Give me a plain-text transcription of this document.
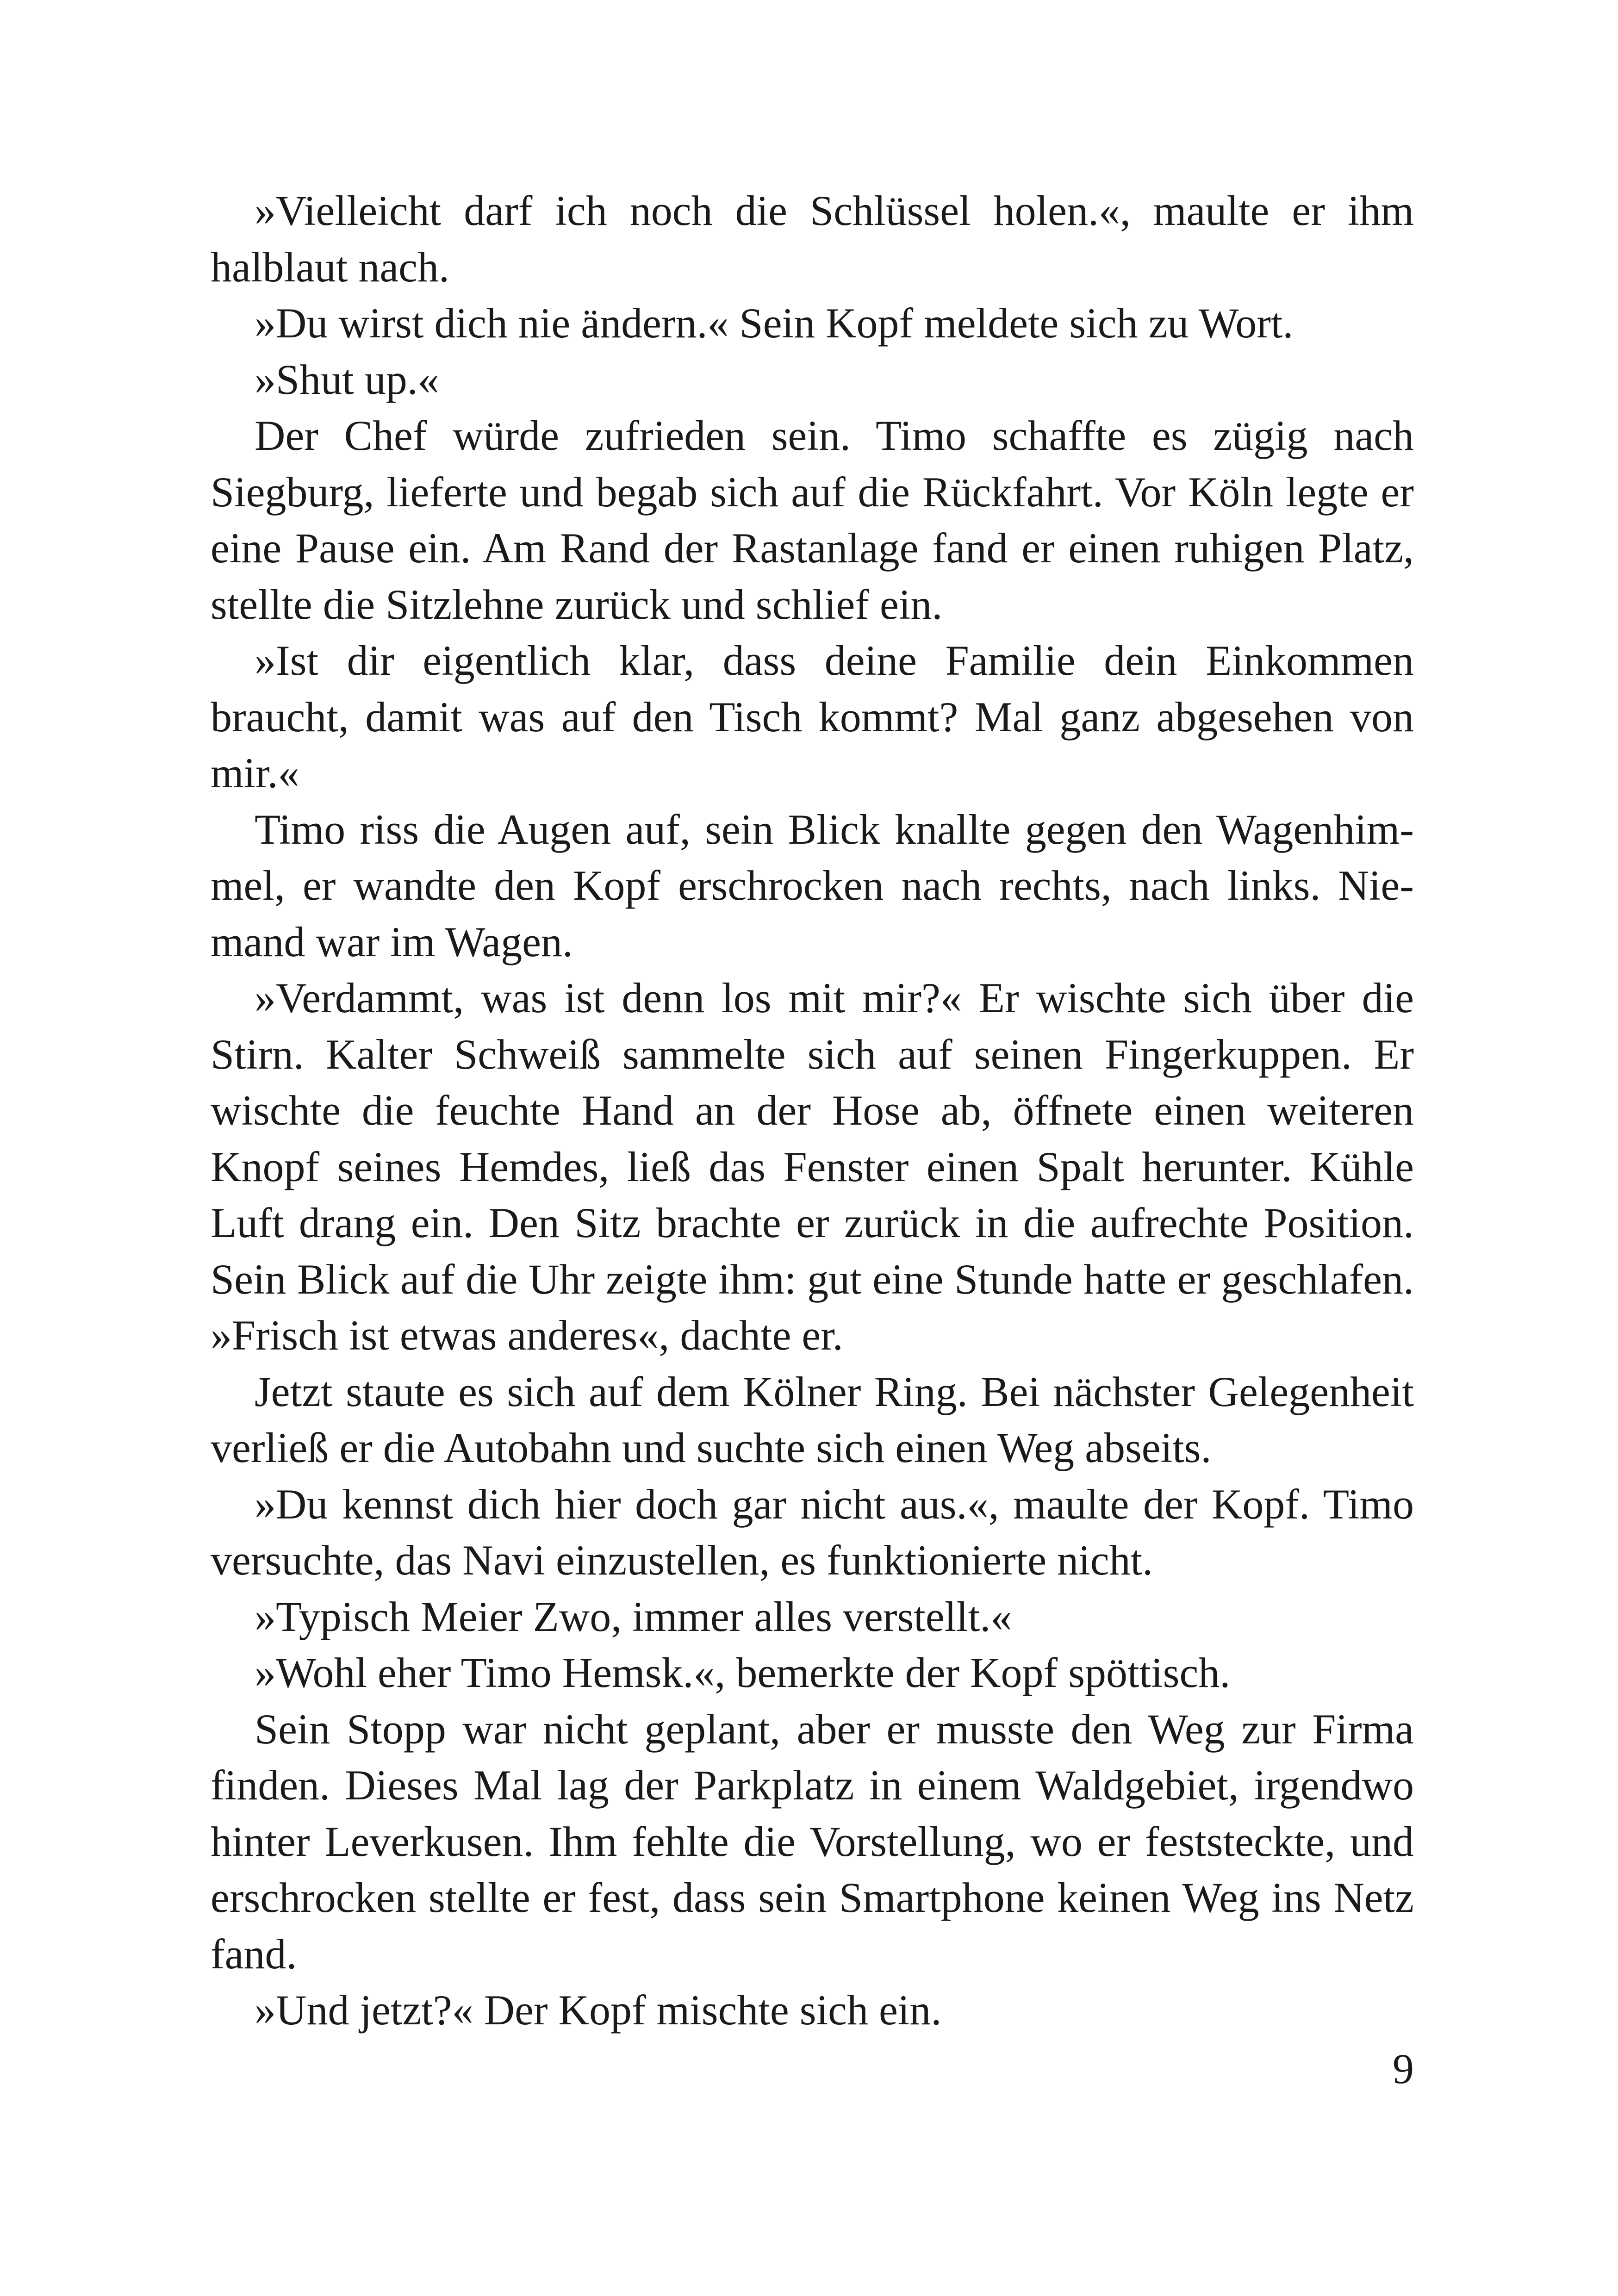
»Vielleicht darf ich noch die Schlüssel holen.«, maulte er ihm halblaut nach.

»Du wirst dich nie ändern.« Sein Kopf meldete sich zu Wort.

»Shut up.«

Der Chef würde zufrieden sein. Timo schaffte es zügig nach Siegburg, lieferte und begab sich auf die Rückfahrt. Vor Köln legte er eine Pause ein. Am Rand der Rastanlage fand er einen ruhigen Platz, stellte die Sitzlehne zurück und schlief ein.

»Ist dir eigentlich klar, dass deine Familie dein Einkommen braucht, damit was auf den Tisch kommt? Mal ganz abgesehen von mir.«

Timo riss die Augen auf, sein Blick knallte gegen den Wagenhimmel, er wandte den Kopf erschrocken nach rechts, nach links. Niemand war im Wagen.

»Verdammt, was ist denn los mit mir?« Er wischte sich über die Stirn. Kalter Schweiß sammelte sich auf seinen Fingerkuppen. Er wischte die feuchte Hand an der Hose ab, öffnete einen weiteren Knopf seines Hemdes, ließ das Fenster einen Spalt herunter. Kühle Luft drang ein. Den Sitz brachte er zurück in die aufrechte Position. Sein Blick auf die Uhr zeigte ihm: gut eine Stunde hatte er geschlafen. »Frisch ist etwas anderes«, dachte er.

Jetzt staute es sich auf dem Kölner Ring. Bei nächster Gelegenheit verließ er die Autobahn und suchte sich einen Weg abseits.

»Du kennst dich hier doch gar nicht aus.«, maulte der Kopf. Timo versuchte, das Navi einzustellen, es funktionierte nicht.

»Typisch Meier Zwo, immer alles verstellt.«

»Wohl eher Timo Hemsk.«, bemerkte der Kopf spöttisch.

Sein Stopp war nicht geplant, aber er musste den Weg zur Firma finden. Dieses Mal lag der Parkplatz in einem Waldgebiet, irgendwo hinter Leverkusen. Ihm fehlte die Vorstellung, wo er feststeckte, und erschrocken stellte er fest, dass sein Smartphone keinen Weg ins Netz fand.

»Und jetzt?« Der Kopf mischte sich ein.

9
